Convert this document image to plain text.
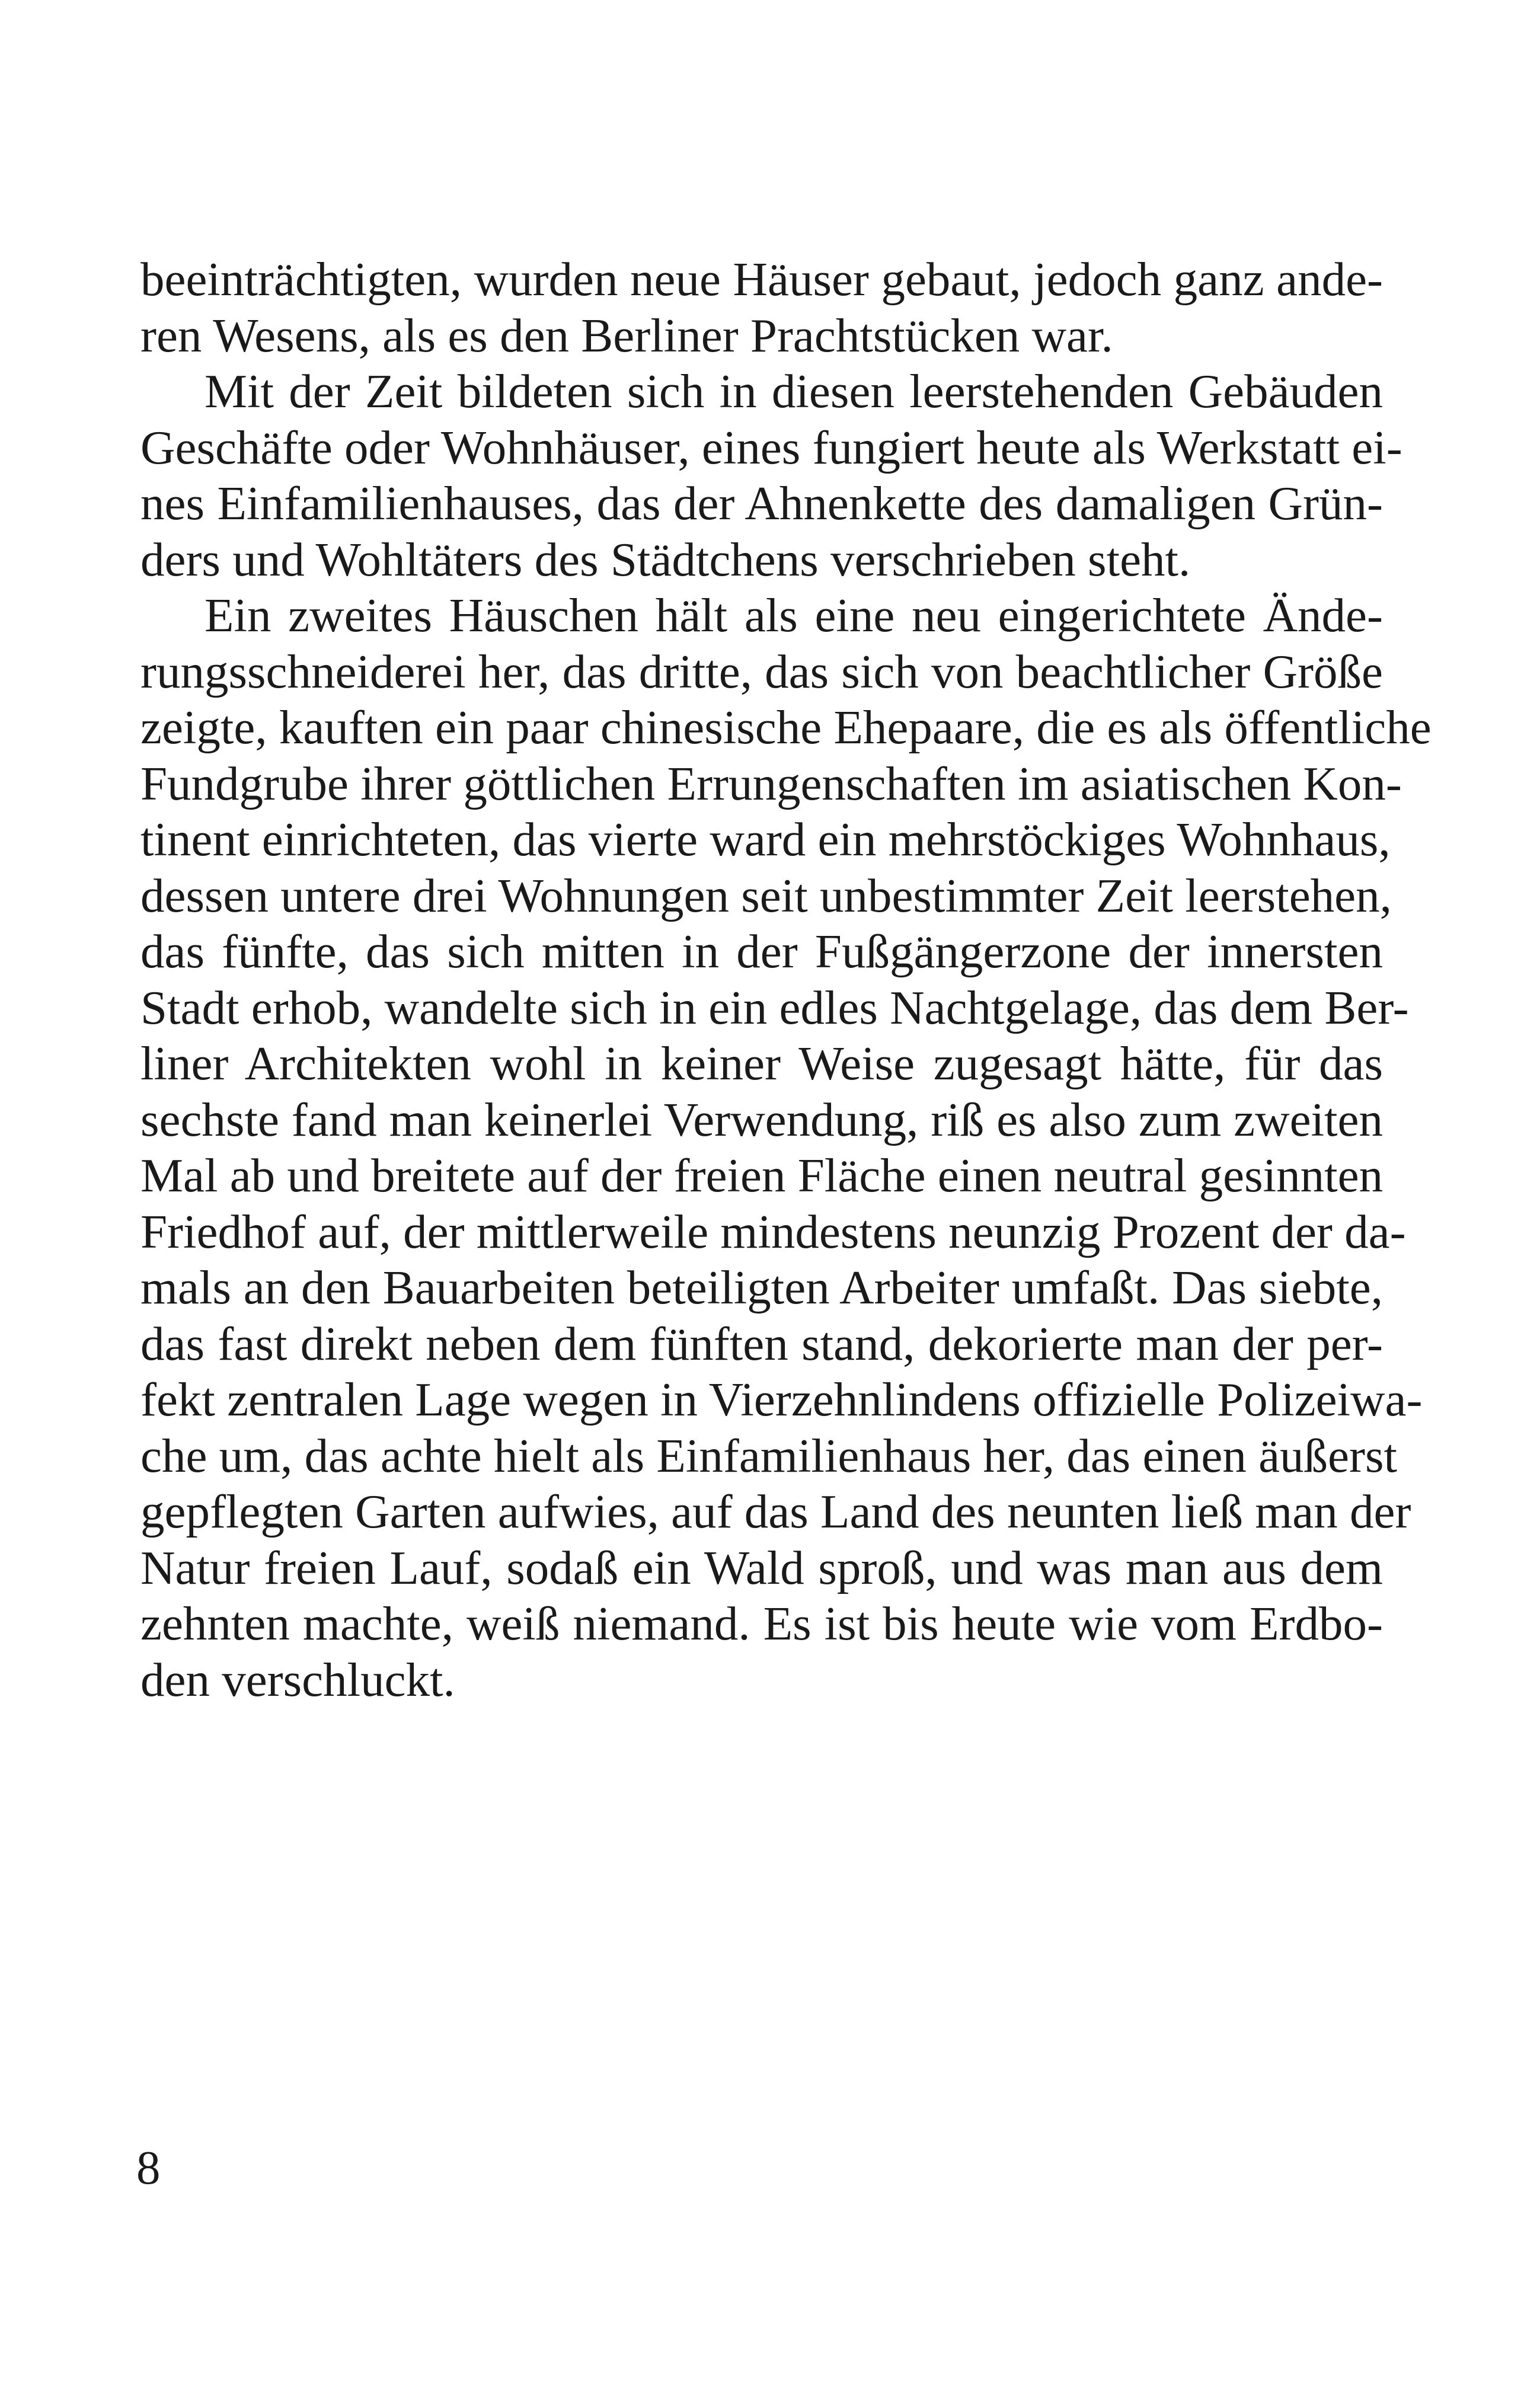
beeinträchtigten, wurden neue Häuser gebaut, jedoch ganz ande-
ren Wesens, als es den Berliner Prachtstücken war.
Mit der Zeit bildeten sich in diesen leerstehenden Gebäuden
Geschäfte oder Wohnhäuser, eines fungiert heute als Werkstatt ei-
nes Einfamilienhauses, das der Ahnenkette des damaligen Grün-
ders und Wohltäters des Städtchens verschrieben steht.
Ein zweites Häuschen hält als eine neu eingerichtete Ände-
rungsschneiderei her, das dritte, das sich von beachtlicher Größe
zeigte, kauften ein paar chinesische Ehepaare, die es als öffentliche
Fundgrube ihrer göttlichen Errungenschaften im asiatischen Kon-
tinent einrichteten, das vierte ward ein mehrstöckiges Wohnhaus,
dessen untere drei Wohnungen seit unbestimmter Zeit leerstehen,
das fünfte, das sich mitten in der Fußgängerzone der innersten
Stadt erhob, wandelte sich in ein edles Nachtgelage, das dem Ber-
liner Architekten wohl in keiner Weise zugesagt hätte, für das
sechste fand man keinerlei Verwendung, riß es also zum zweiten
Mal ab und breitete auf der freien Fläche einen neutral gesinnten
Friedhof auf, der mittlerweile mindestens neunzig Prozent der da-
mals an den Bauarbeiten beteiligten Arbeiter umfaßt. Das siebte,
das fast direkt neben dem fünften stand, dekorierte man der per-
fekt zentralen Lage wegen in Vierzehnlindens offizielle Polizeiwa-
che um, das achte hielt als Einfamilienhaus her, das einen äußerst
gepflegten Garten aufwies, auf das Land des neunten ließ man der
Natur freien Lauf, sodaß ein Wald sproß, und was man aus dem
zehnten machte, weiß niemand. Es ist bis heute wie vom Erdbo-
den verschluckt.
8
